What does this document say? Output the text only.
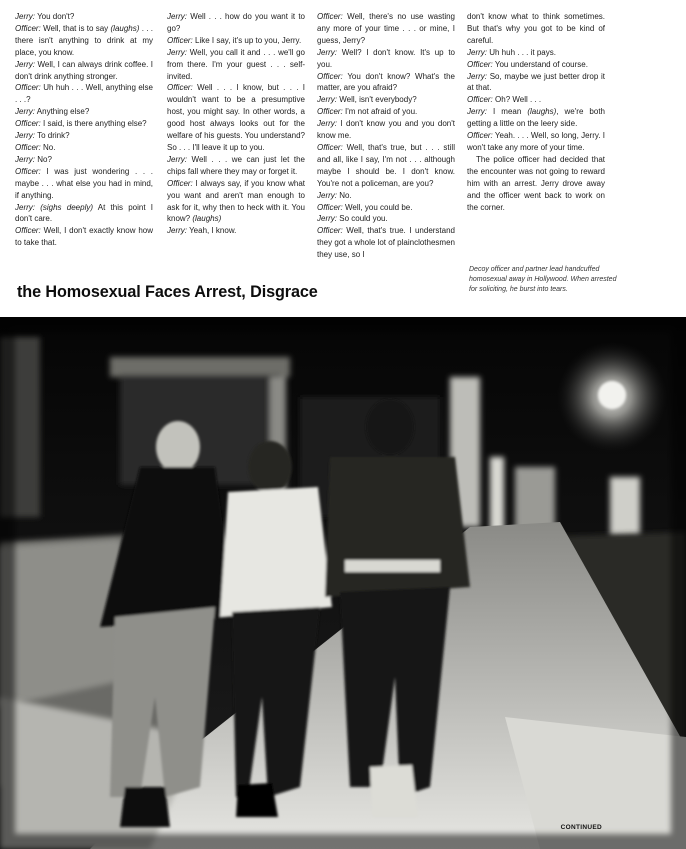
Jerry: You don't?

Officer: Well, that is to say (laughs) . . . there isn't anything to drink at my place, you know.

Jerry: Well, I can always drink coffee. I don't drink anything stronger.

Officer: Uh huh . . . Well, anything else . . .?

Jerry: Anything else?

Officer: I said, is there anything else?

Jerry: To drink?

Officer: No.

Jerry: No?

Officer: I was just wondering . . . maybe . . . what else you had in mind, if anything.

Jerry: (sighs deeply) At this point I don't care.

Officer: Well, I don't exactly know how to take that.

Jerry: Well . . . how do you want it to go?

Officer: Like I say, it's up to you, Jerry.

Jerry: Well, you call it and . . . we'll go from there. I'm your guest . . . self-invited.

Officer: Well . . . I know, but . . . I wouldn't want to be a presumptive host, you might say. In other words, a good host always looks out for the welfare of his guests. You understand? So . . . I'll leave it up to you.

Jerry: Well . . . we can just let the chips fall where they may or forget it.

Officer: I always say, if you know what you want and aren't man enough to ask for it, why then to heck with it. You know? (laughs)

Jerry: Yeah, I know.

Officer: Well, there's no use wasting any more of your time . . . or mine, I guess, Jerry?

Jerry: Well? I don't know. It's up to you.

Officer: You don't know? What's the matter, are you afraid?

Jerry: Well, isn't everybody?

Officer: I'm not afraid of you.

Jerry: I don't know you and you don't know me.

Officer: Well, that's true, but . . . still and all, like I say, I'm not . . . although maybe I should be. I don't know. You're not a policeman, are you?

Jerry: No.

Officer: Well, you could be.

Jerry: So could you.

Officer: Well, that's true. I understand they got a whole lot of plainclothesmen they use, so I

don't know what to think sometimes. But that's why you got to be kind of careful.

Jerry: Uh huh . . . it pays.

Officer: You understand of course.

Jerry: So, maybe we just better drop it at that.

Officer: Oh? Well . . .

Jerry: I mean (laughs), we're both getting a little on the leery side.

Officer: Yeah. . . . Well, so long, Jerry. I won't take any more of your time.

The police officer had decided that the encounter was not going to reward him with an arrest. Jerry drove away and the officer went back to work on the corner.

Decoy officer and partner lead handcuffed homosexual away in Hollywood. When arrested for soliciting, he burst into tears.

the Homosexual Faces Arrest, Disgrace
CONTINUED
